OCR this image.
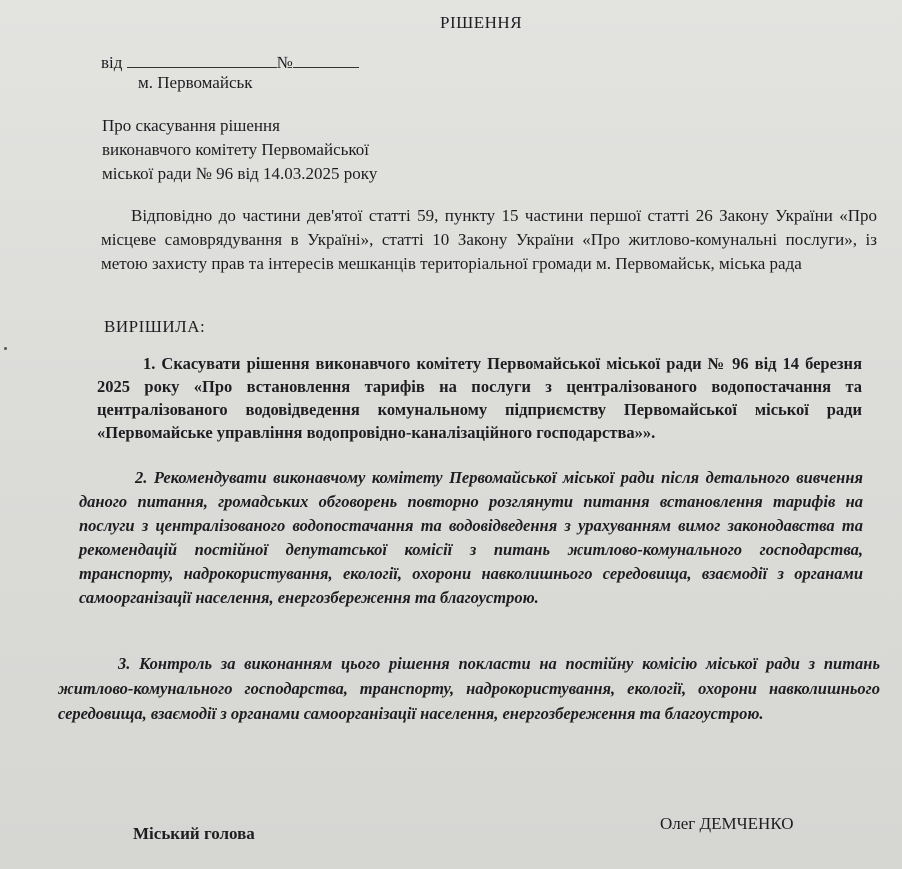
РІШЕННЯ
від	№
м. Первомайськ
Про скасування рішення
виконавчого комітету Первомайської
міської ради № 96 від 14.03.2025 року
Відповідно до частини дев'ятої статті 59, пункту 15 частини першої статті 26 Закону України «Про місцеве самоврядування в Україні», статті 10 Закону України «Про житлово-комунальні послуги», із метою захисту прав та інтересів мешканців територіальної громади м. Первомайськ, міська рада
ВИРІШИЛА:
1. Скасувати рішення виконавчого комітету Первомайської міської ради № 96 від 14 березня 2025 року «Про встановлення тарифів на послуги з централізованого водопостачання та централізованого водовідведення комунальному підприємству Первомайської міської ради «Первомайське управління водопровідно-каналізаційного господарства»».
2. Рекомендувати виконавчому комітету Первомайської міської ради після детального вивчення даного питання, громадських обговорень повторно розглянути питання встановлення тарифів на послуги з централізованого водопостачання та водовідведення з урахуванням вимог законодавства та рекомендацій постійної депутатської комісії з питань житлово-комунального господарства, транспорту, надрокористування, екології, охорони навколишнього середовища, взаємодії з органами самоорганізації населення, енергозбереження та благоустрою.
3. Контроль за виконанням цього рішення покласти на постійну комісію міської ради з питань житлово-комунального господарства, транспорту, надрокористування, екології, охорони навколишнього середовища, взаємодії з органами самоорганізації населення, енергозбереження та благоустрою.
Міський голова
Олег ДЕМЧЕНКО
